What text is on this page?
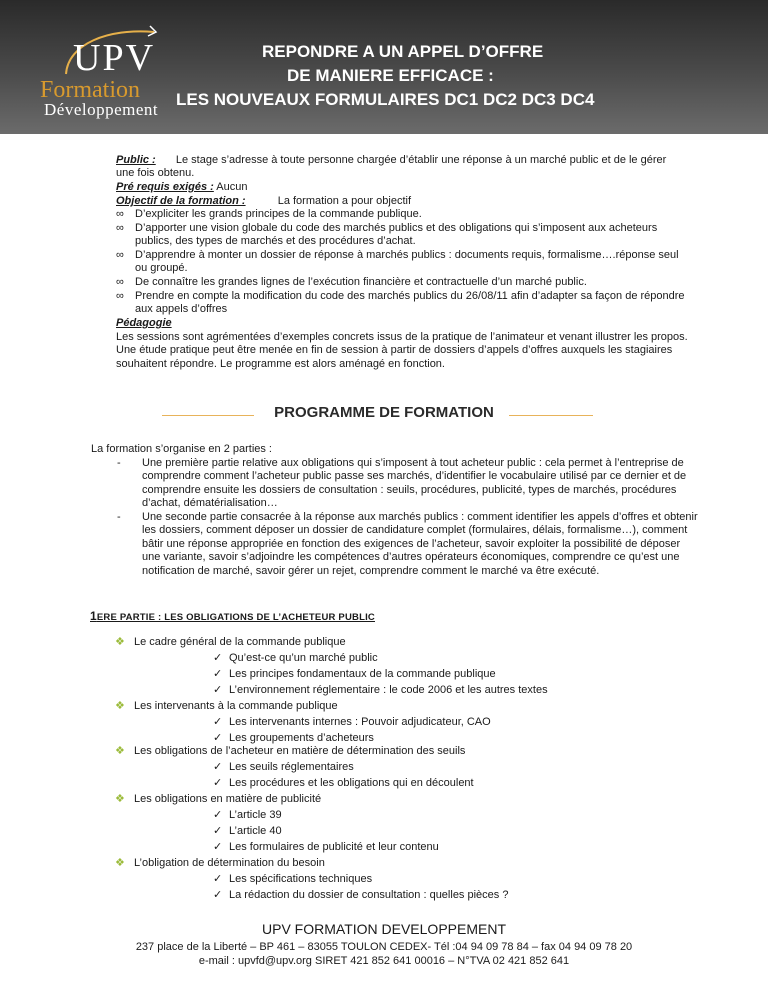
UPV
Formation
Développement
REPONDRE A UN APPEL D’OFFRE
DE MANIERE EFFICACE :
LES NOUVEAUX FORMULAIRES DC1 DC2 DC3 DC4
Public : Le stage s’adresse à toute personne chargée d’établir une réponse à un marché public et de le gérer
une fois obtenu.
Pré requis exigés : Aucun
Objectif de la formation :	La formation a pour objectif
∞ D’expliciter les grands principes de la commande publique.
∞ D’apporter une vision globale du code des marchés publics et des obligations qui s’imposent aux acheteurs
publics, des types de marchés et des procédures d’achat.
∞ D’apprendre à monter un dossier de réponse à marchés publics : documents requis, formalisme….réponse seul
ou groupé.
∞ De connaître les grandes lignes de l’exécution financière et contractuelle d’un marché public.
∞ Prendre en compte la modification du code des marchés publics du 26/08/11 afin d’adapter sa façon de répondre
aux appels d’offres
Pédagogie
Les sessions sont agrémentées d’exemples concrets issus de la pratique de l’animateur et venant illustrer les propos.
Une étude pratique peut être menée en fin de session à partir de dossiers d’appels d’offres auxquels les stagiaires
souhaitent répondre. Le programme est alors aménagé en fonction.
PROGRAMME DE FORMATION
La formation s’organise en 2 parties :
- Une première partie relative aux obligations qui s’imposent à tout acheteur public : cela permet à l’entreprise de
comprendre comment l’acheteur public passe ses marchés, d’identifier le vocabulaire utilisé par ce dernier et de
comprendre ensuite les dossiers de consultation : seuils, procédures, publicité, types de marchés, procédures
d’achat, dématérialisation…
- Une seconde partie consacrée à la réponse aux marchés publics : comment identifier les appels d’offres et obtenir
les dossiers, comment déposer un dossier de candidature complet (formulaires, délais, formalisme…), comment
bâtir une réponse appropriée en fonction des exigences de l’acheteur, savoir exploiter la possibilité de déposer
une variante, savoir s’adjoindre les compétences d’autres opérateurs économiques, comprendre ce qu’est une
notification de marché, savoir gérer un rejet, comprendre comment le marché va être exécuté.
1ERE PARTIE : LES OBLIGATIONS DE L’ACHETEUR PUBLIC
❖ Le cadre général de la commande publique
✓ Qu’est-ce qu’un marché public
✓ Les principes fondamentaux de la commande publique
✓ L’environnement réglementaire : le code 2006 et les autres textes
❖ Les intervenants à la commande publique
✓ Les intervenants internes : Pouvoir adjudicateur, CAO
✓ Les groupements d’acheteurs
❖ Les obligations de l’acheteur en matière de détermination des seuils
✓ Les seuils réglementaires
✓ Les procédures et les obligations qui en découlent
❖ Les obligations en matière de publicité
✓ L’article 39
✓ L’article 40
✓ Les formulaires de publicité et leur contenu
❖ L’obligation de détermination du besoin
✓ Les spécifications techniques
✓ La rédaction du dossier de consultation : quelles pièces ?
UPV FORMATION DEVELOPPEMENT
237 place de la Liberté – BP 461 – 83055 TOULON CEDEX- Tél :04 94 09 78 84 – fax 04 94 09 78 20
e-mail : upvfd@upv.org SIRET 421 852 641 00016 – N°TVA 02 421 852 641
